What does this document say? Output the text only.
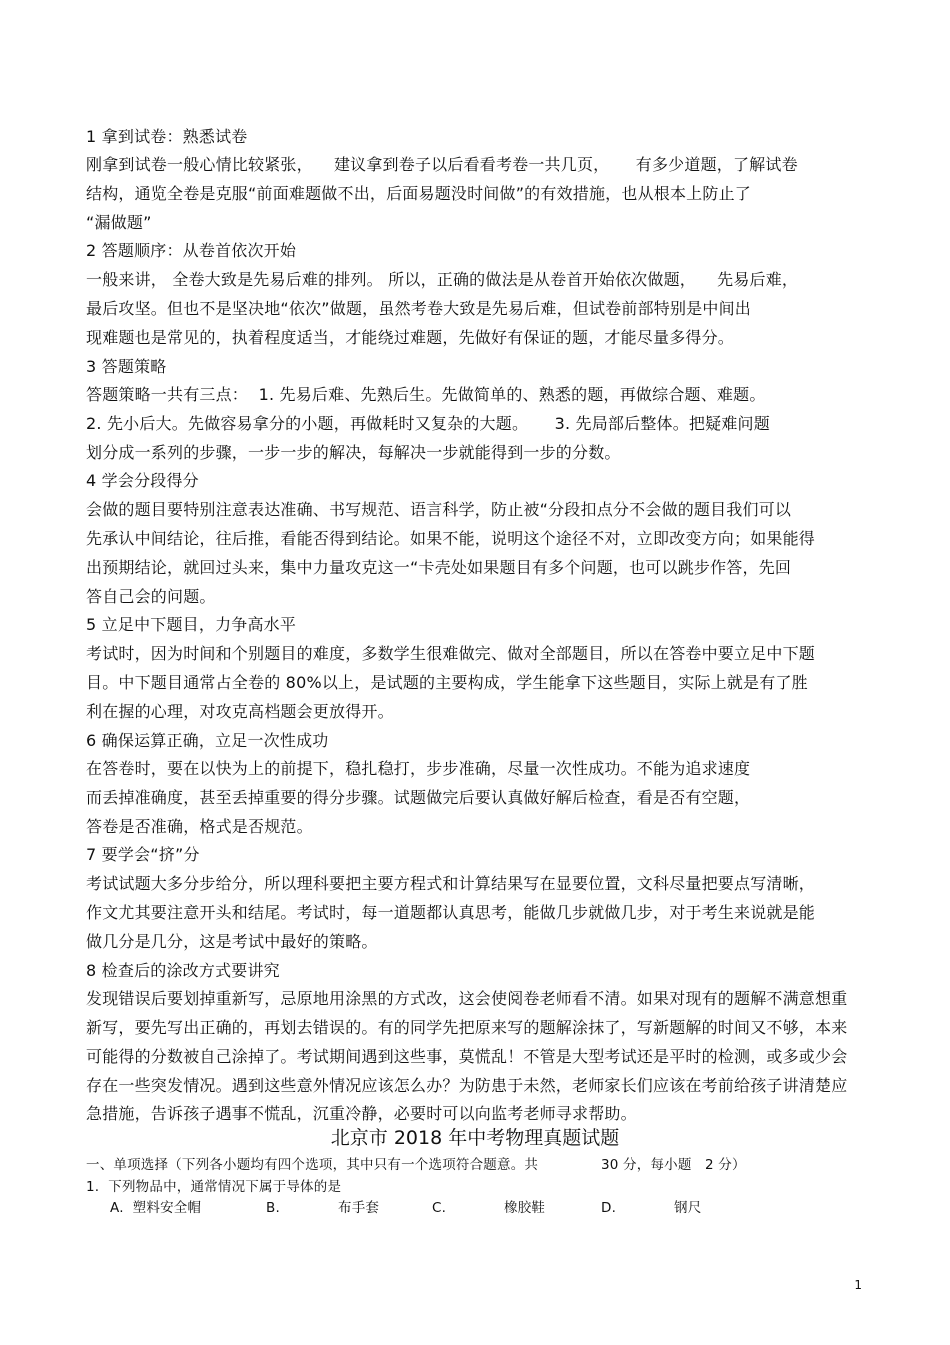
1 拿到试卷：熟悉试卷
刚拿到试卷一般心情比较紧张，    建议拿到卷子以后看看考卷一共几页，     有多少道题，了解试卷
结构，通览全卷是克服“前面难题做不出，后面易题没时间做”的有效措施，也从根本上防止了
“漏做题”
2 答题顺序：从卷首依次开始
一般来讲， 全卷大致是先易后难的排列。 所以，正确的做法是从卷首开始依次做题，    先易后难，
最后攻坚。但也不是坚决地“依次”做题，虽然考卷大致是先易后难，但试卷前部特别是中间出
现难题也是常见的，执着程度适当，才能绕过难题，先做好有保证的题，才能尽量多得分。
3 答题策略
答题策略一共有三点：  1. 先易后难、先熟后生。先做简单的、熟悉的题，再做综合题、难题。
2. 先小后大。先做容易拿分的小题，再做耗时又复杂的大题。     3. 先局部后整体。把疑难问题
划分成一系列的步骤，一步一步的解决，每解决一步就能得到一步的分数。
4 学会分段得分
会做的题目要特别注意表达准确、书写规范、语言科学，防止被“分段扣点分不会做的题目我们可以
先承认中间结论，往后推，看能否得到结论。如果不能，说明这个途径不对，立即改变方向；如果能得
出预期结论，就回过头来，集中力量攻克这一“卡壳处如果题目有多个问题，也可以跳步作答，先回
答自己会的问题。
5 立足中下题目，力争高水平
考试时，因为时间和个别题目的难度，多数学生很难做完、做对全部题目，所以在答卷中要立足中下题
目。中下题目通常占全卷的 80%以上，是试题的主要构成，学生能拿下这些题目，实际上就是有了胜
利在握的心理，对攻克高档题会更放得开。
6 确保运算正确，立足一次性成功
在答卷时，要在以快为上的前提下，稳扎稳打，步步准确，尽量一次性成功。不能为追求速度
而丢掉准确度，甚至丢掉重要的得分步骤。试题做完后要认真做好解后检查，看是否有空题，
答卷是否准确，格式是否规范。
7 要学会“挤”分
考试试题大多分步给分，所以理科要把主要方程式和计算结果写在显要位置，文科尽量把要点写清晰，
作文尤其要注意开头和结尾。考试时，每一道题都认真思考，能做几步就做几步，对于考生来说就是能
做几分是几分，这是考试中最好的策略。
8 检查后的涂改方式要讲究
发现错误后要划掉重新写，忌原地用涂黑的方式改，这会使阅卷老师看不清。如果对现有的题解不满意想重
新写，要先写出正确的，再划去错误的。有的同学先把原来写的题解涂抹了，写新题解的时间又不够，本来
可能得的分数被自己涂掉了。考试期间遇到这些事，莫慌乱！不管是大型考试还是平时的检测，或多或少会
存在一些突发情况。遇到这些意外情况应该怎么办？为防患于未然，老师家长们应该在考前给孩子讲清楚应
急措施，告诉孩子遇事不慌乱，沉重冷静，必要时可以向监考老师寻求帮助。
北京市 2018 年中考物理真题试题
一、单项选择（下列各小题均有四个选项，其中只有一个选项符合题意。共              30 分，每小题   2 分）
1.  下列物品中，通常情况下属于导体的是
A.  塑料安全帽	B.	布手套	C.	橡胶鞋	D.	钢尺
1
